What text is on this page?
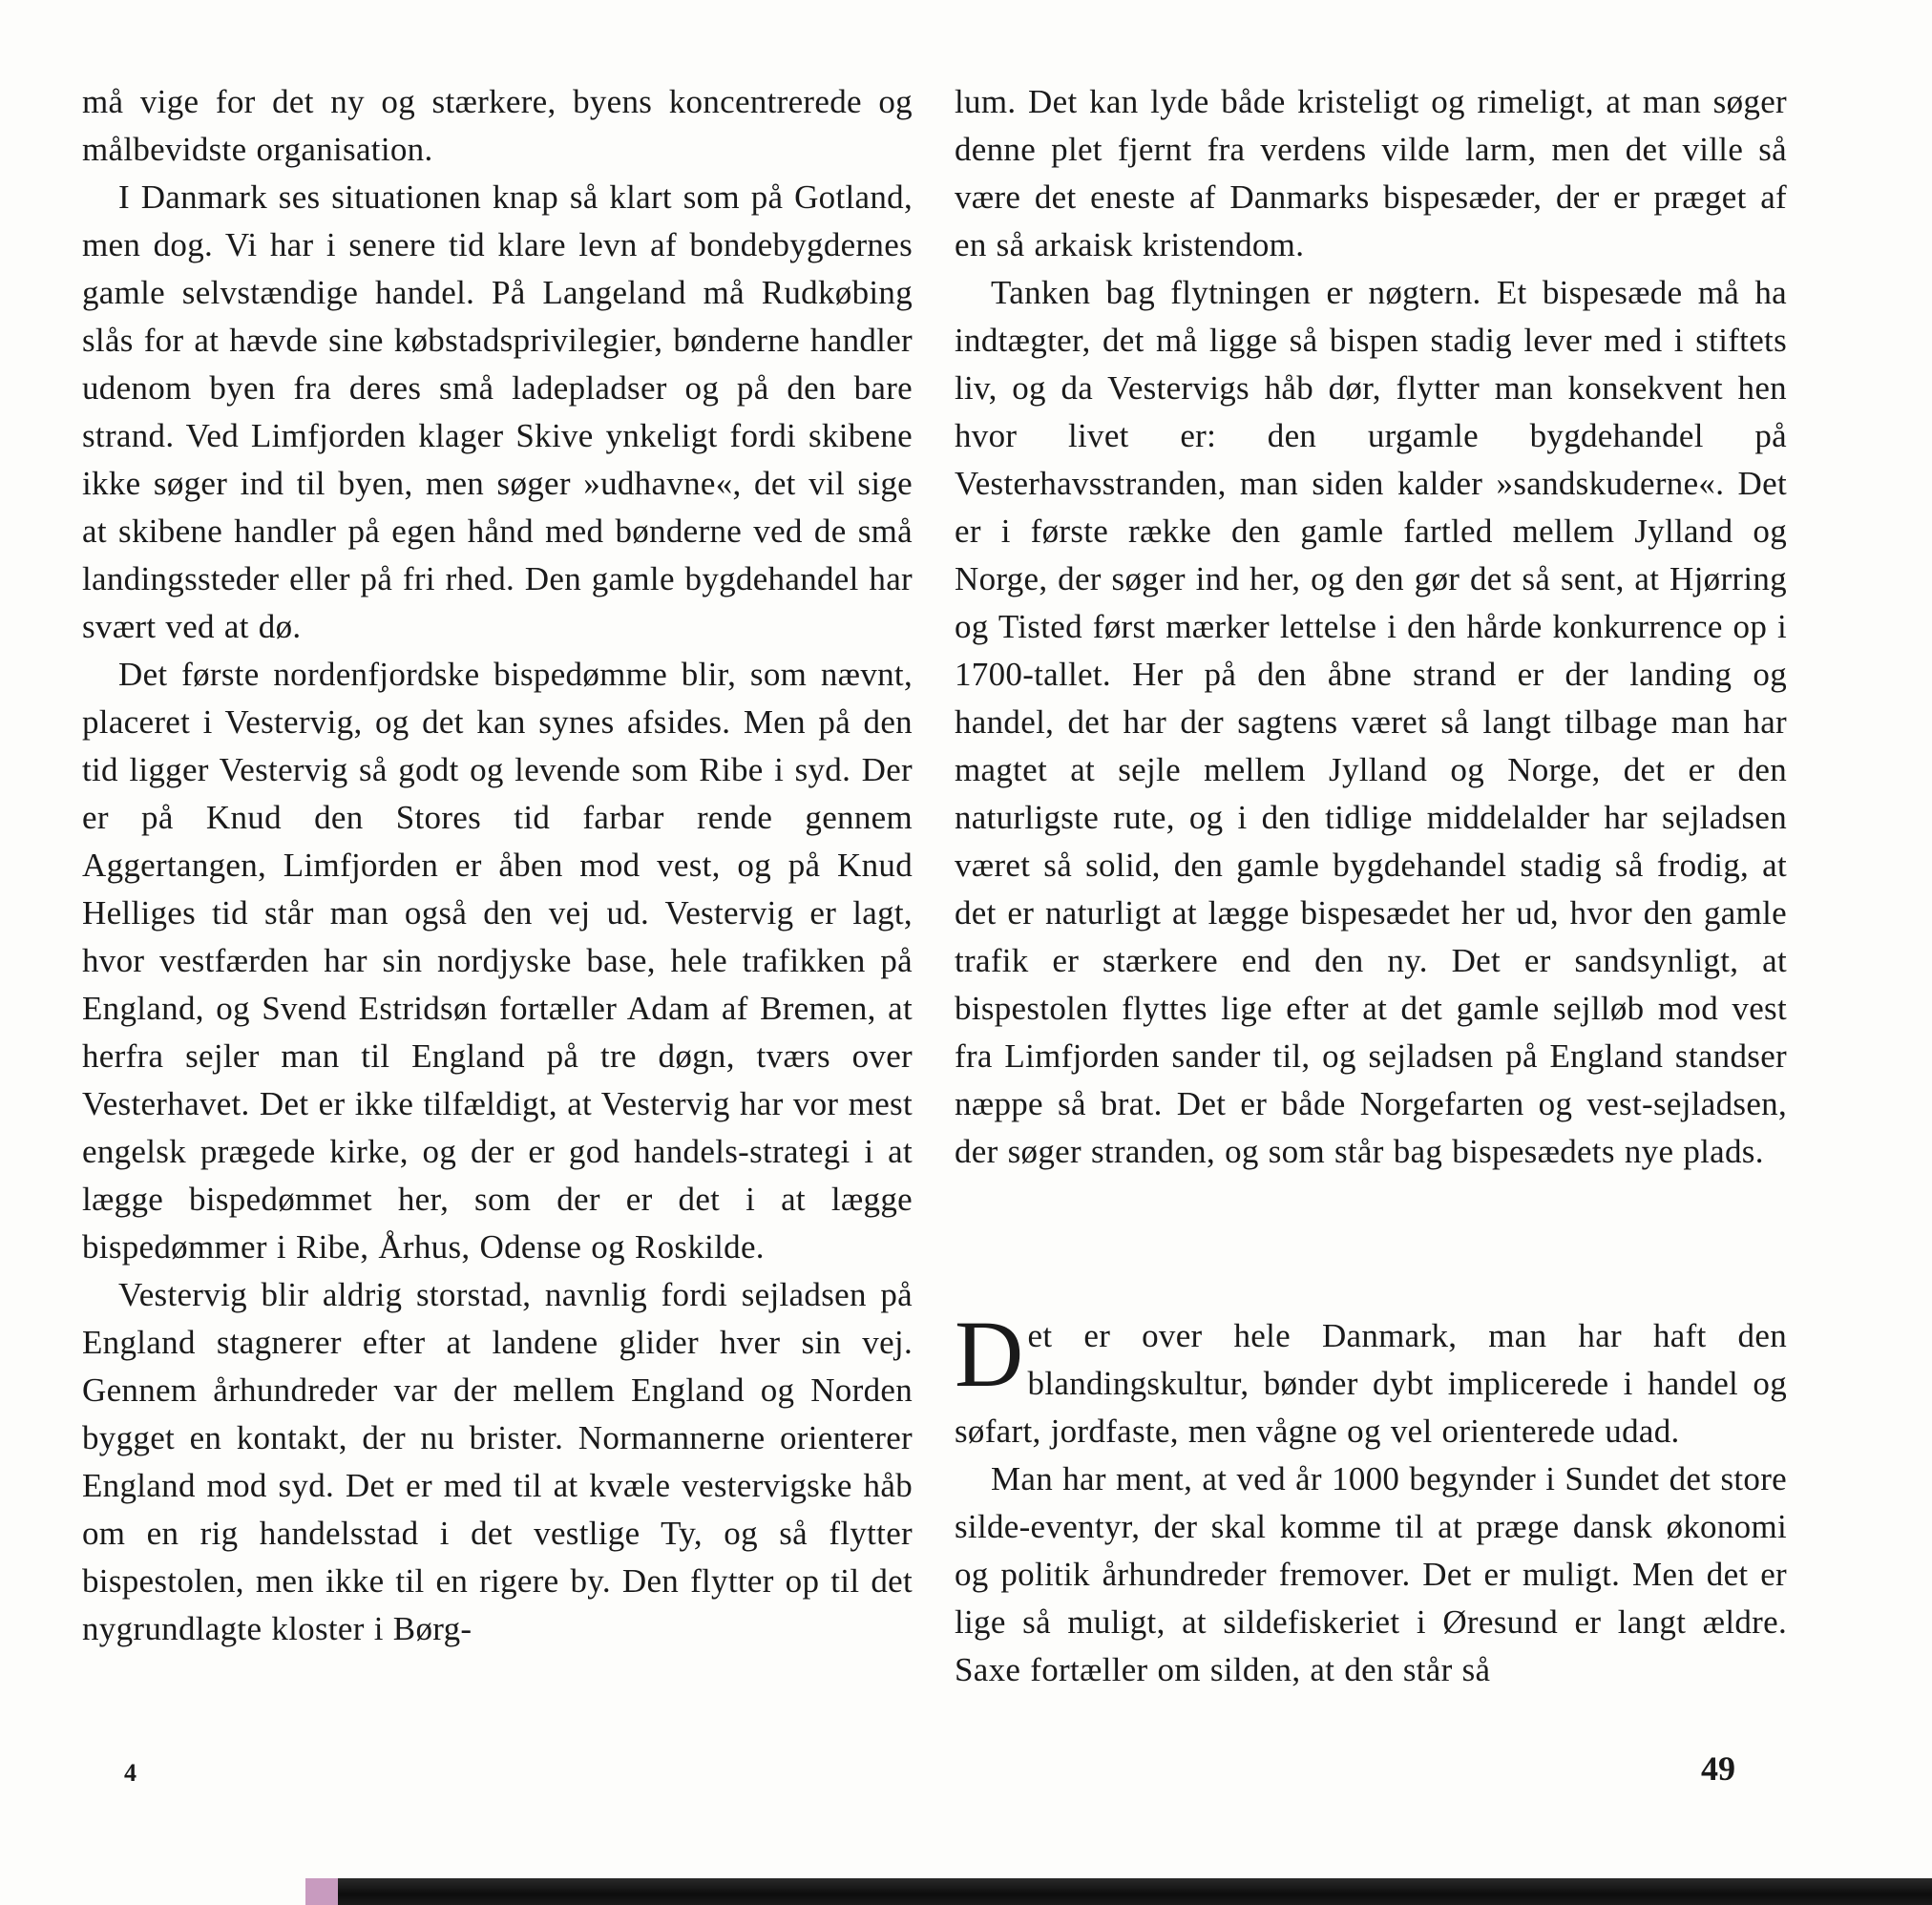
må vige for det ny og stærkere, byens koncentrerede og målbevidste organisation.

I Danmark ses situationen knap så klart som på Gotland, men dog. Vi har i senere tid klare levn af bondebygdernes gamle selvstændige handel. På Langeland må Rudkøbing slås for at hævde sine købstadsprivilegier, bønderne handler udenom byen fra deres små ladepladser og på den bare strand. Ved Limfjorden klager Skive ynkeligt fordi skibene ikke søger ind til byen, men søger »udhavne«, det vil sige at skibene handler på egen hånd med bønderne ved de små landingssteder eller på fri rhed. Den gamle bygdehandel har svært ved at dø.

Det første nordenfjordske bispedømme blir, som nævnt, placeret i Vestervig, og det kan synes afsides. Men på den tid ligger Vestervig så godt og levende som Ribe i syd. Der er på Knud den Stores tid farbar rende gennem Aggertangen, Limfjorden er åben mod vest, og på Knud Helliges tid står man også den vej ud. Vestervig er lagt, hvor vestfærden har sin nordjyske base, hele trafikken på England, og Svend Estridsøn fortæller Adam af Bremen, at herfra sejler man til England på tre døgn, tværs over Vesterhavet. Det er ikke tilfældigt, at Vestervig har vor mest engelsk prægede kirke, og der er god handels-strategi i at lægge bispedømmet her, som der er det i at lægge bispedømmer i Ribe, Århus, Odense og Roskilde.

Vestervig blir aldrig storstad, navnlig fordi sejladsen på England stagnerer efter at landene glider hver sin vej. Gennem århundreder var der mellem England og Norden bygget en kontakt, der nu brister. Normannerne orienterer England mod syd. Det er med til at kvæle vestervigske håb om en rig handelsstad i det vestlige Ty, og så flytter bispestolen, men ikke til en rigere by. Den flytter op til det nygrundlagte kloster i Børg-

lum. Det kan lyde både kristeligt og rimeligt, at man søger denne plet fjernt fra verdens vilde larm, men det ville så være det eneste af Danmarks bispesæder, der er præget af en så arkaisk kristendom.

Tanken bag flytningen er nøgtern. Et bispesæde må ha indtægter, det må ligge så bispen stadig lever med i stiftets liv, og da Vestervigs håb dør, flytter man konsekvent hen hvor livet er: den urgamle bygdehandel på Vesterhavsstranden, man siden kalder »sandskuderne«. Det er i første række den gamle fartled mellem Jylland og Norge, der søger ind her, og den gør det så sent, at Hjørring og Tisted først mærker lettelse i den hårde konkurrence op i 1700-tallet. Her på den åbne strand er der landing og handel, det har der sagtens været så langt tilbage man har magtet at sejle mellem Jylland og Norge, det er den naturligste rute, og i den tidlige middelalder har sejladsen været så solid, den gamle bygdehandel stadig så frodig, at det er naturligt at lægge bispesædet her ud, hvor den gamle trafik er stærkere end den ny. Det er sandsynligt, at bispestolen flyttes lige efter at det gamle sejlløb mod vest fra Limfjorden sander til, og sejladsen på England standser næppe så brat. Det er både Norgefarten og vest-sejladsen, der søger stranden, og som står bag bispesædets nye plads.

Det er over hele Danmark, man har haft den blandingskultur, bønder dybt implicerede i handel og søfart, jordfaste, men vågne og vel orienterede udad.

Man har ment, at ved år 1000 begynder i Sundet det store silde-eventyr, der skal komme til at præge dansk økonomi og politik århundreder fremover. Det er muligt. Men det er lige så muligt, at sildefiskeriet i Øresund er langt ældre. Saxe fortæller om silden, at den står så

4	49
